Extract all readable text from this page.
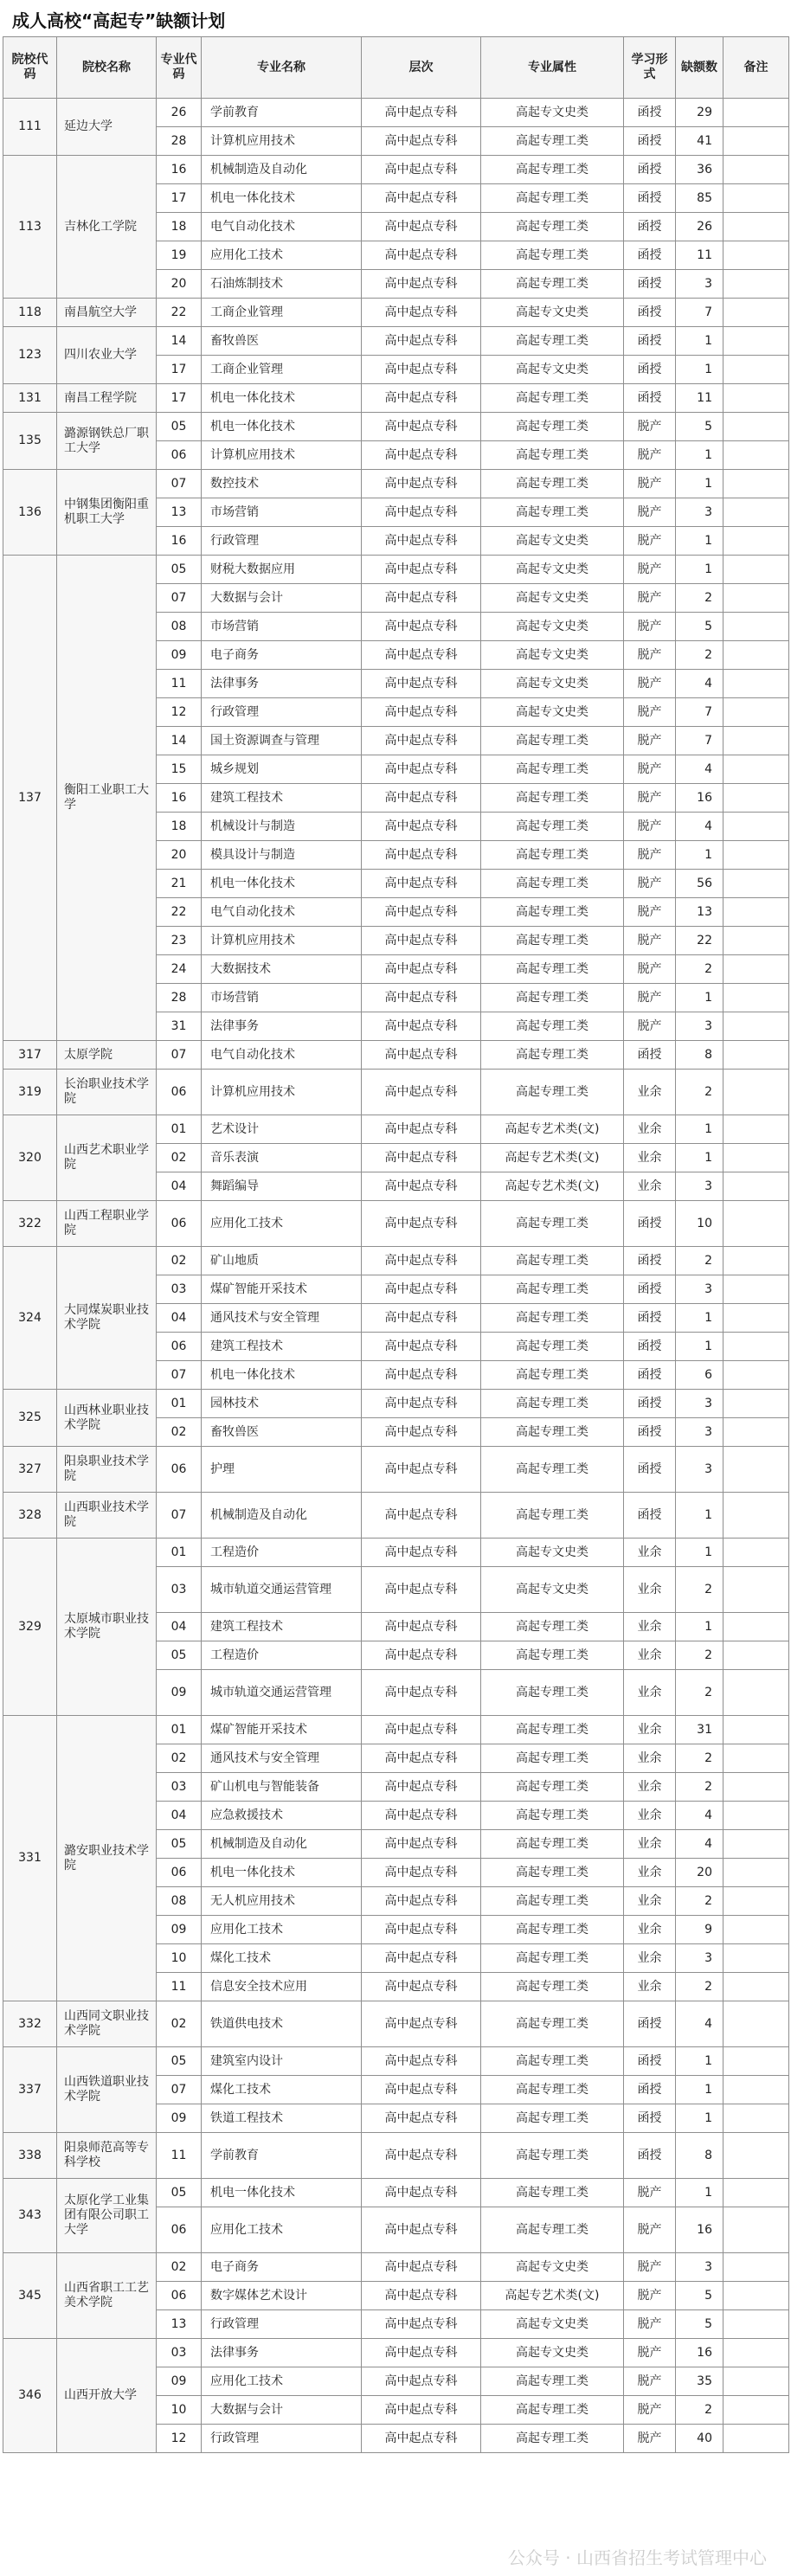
成人高校“高起专”缺额计划
院校代码	院校名称	专业代码	专业名称	层次	专业属性	学习形式	缺额数	备注
111	延边大学	26	学前教育	高中起点专科	高起专文史类	函授	29	
		28	计算机应用技术	高中起点专科	高起专理工类	函授	41	
113	吉林化工学院	16	机械制造及自动化	高中起点专科	高起专理工类	函授	36	
		17	机电一体化技术	高中起点专科	高起专理工类	函授	85	
		18	电气自动化技术	高中起点专科	高起专理工类	函授	26	
		19	应用化工技术	高中起点专科	高起专理工类	函授	11	
		20	石油炼制技术	高中起点专科	高起专理工类	函授	3	
118	南昌航空大学	22	工商企业管理	高中起点专科	高起专文史类	函授	7	
123	四川农业大学	14	畜牧兽医	高中起点专科	高起专理工类	函授	1	
		17	工商企业管理	高中起点专科	高起专文史类	函授	1	
131	南昌工程学院	17	机电一体化技术	高中起点专科	高起专理工类	函授	11	
135	潞源钢铁总厂职工大学	05	机电一体化技术	高中起点专科	高起专理工类	脱产	5	
		06	计算机应用技术	高中起点专科	高起专理工类	脱产	1	
136	中钢集团衡阳重机职工大学	07	数控技术	高中起点专科	高起专理工类	脱产	1	
		13	市场营销	高中起点专科	高起专理工类	脱产	3	
		16	行政管理	高中起点专科	高起专文史类	脱产	1	
137	衡阳工业职工大学	05	财税大数据应用	高中起点专科	高起专文史类	脱产	1	
		07	大数据与会计	高中起点专科	高起专文史类	脱产	2	
		08	市场营销	高中起点专科	高起专文史类	脱产	5	
		09	电子商务	高中起点专科	高起专文史类	脱产	2	
		11	法律事务	高中起点专科	高起专文史类	脱产	4	
		12	行政管理	高中起点专科	高起专文史类	脱产	7	
		14	国土资源调查与管理	高中起点专科	高起专理工类	脱产	7	
		15	城乡规划	高中起点专科	高起专理工类	脱产	4	
		16	建筑工程技术	高中起点专科	高起专理工类	脱产	16	
		18	机械设计与制造	高中起点专科	高起专理工类	脱产	4	
		20	模具设计与制造	高中起点专科	高起专理工类	脱产	1	
		21	机电一体化技术	高中起点专科	高起专理工类	脱产	56	
		22	电气自动化技术	高中起点专科	高起专理工类	脱产	13	
		23	计算机应用技术	高中起点专科	高起专理工类	脱产	22	
		24	大数据技术	高中起点专科	高起专理工类	脱产	2	
		28	市场营销	高中起点专科	高起专理工类	脱产	1	
		31	法律事务	高中起点专科	高起专理工类	脱产	3	
317	太原学院	07	电气自动化技术	高中起点专科	高起专理工类	函授	8	
319	长治职业技术学院	06	计算机应用技术	高中起点专科	高起专理工类	业余	2	
320	山西艺术职业学院	01	艺术设计	高中起点专科	高起专艺术类(文)	业余	1	
		02	音乐表演	高中起点专科	高起专艺术类(文)	业余	1	
		04	舞蹈编导	高中起点专科	高起专艺术类(文)	业余	3	
322	山西工程职业学院	06	应用化工技术	高中起点专科	高起专理工类	函授	10	
324	大同煤炭职业技术学院	02	矿山地质	高中起点专科	高起专理工类	函授	2	
		03	煤矿智能开采技术	高中起点专科	高起专理工类	函授	3	
		04	通风技术与安全管理	高中起点专科	高起专理工类	函授	1	
		06	建筑工程技术	高中起点专科	高起专理工类	函授	1	
		07	机电一体化技术	高中起点专科	高起专理工类	函授	6	
325	山西林业职业技术学院	01	园林技术	高中起点专科	高起专理工类	函授	3	
		02	畜牧兽医	高中起点专科	高起专理工类	函授	3	
327	阳泉职业技术学院	06	护理	高中起点专科	高起专理工类	函授	3	
328	山西职业技术学院	07	机械制造及自动化	高中起点专科	高起专理工类	函授	1	
329	太原城市职业技术学院	01	工程造价	高中起点专科	高起专文史类	业余	1	
		03	城市轨道交通运营管理	高中起点专科	高起专文史类	业余	2	
		04	建筑工程技术	高中起点专科	高起专理工类	业余	1	
		05	工程造价	高中起点专科	高起专理工类	业余	2	
		09	城市轨道交通运营管理	高中起点专科	高起专理工类	业余	2	
331	潞安职业技术学院	01	煤矿智能开采技术	高中起点专科	高起专理工类	业余	31	
		02	通风技术与安全管理	高中起点专科	高起专理工类	业余	2	
		03	矿山机电与智能装备	高中起点专科	高起专理工类	业余	2	
		04	应急救援技术	高中起点专科	高起专理工类	业余	4	
		05	机械制造及自动化	高中起点专科	高起专理工类	业余	4	
		06	机电一体化技术	高中起点专科	高起专理工类	业余	20	
		08	无人机应用技术	高中起点专科	高起专理工类	业余	2	
		09	应用化工技术	高中起点专科	高起专理工类	业余	9	
		10	煤化工技术	高中起点专科	高起专理工类	业余	3	
		11	信息安全技术应用	高中起点专科	高起专理工类	业余	2	
332	山西同文职业技术学院	02	铁道供电技术	高中起点专科	高起专理工类	函授	4	
337	山西铁道职业技术学院	05	建筑室内设计	高中起点专科	高起专理工类	函授	1	
		07	煤化工技术	高中起点专科	高起专理工类	函授	1	
		09	铁道工程技术	高中起点专科	高起专理工类	函授	1	
338	阳泉师范高等专科学校	11	学前教育	高中起点专科	高起专理工类	函授	8	
343	太原化学工业集团有限公司职工大学	05	机电一体化技术	高中起点专科	高起专理工类	脱产	1	
		06	应用化工技术	高中起点专科	高起专理工类	脱产	16	
345	山西省职工工艺美术学院	02	电子商务	高中起点专科	高起专文史类	脱产	3	
		06	数字媒体艺术设计	高中起点专科	高起专艺术类(文)	脱产	5	
		13	行政管理	高中起点专科	高起专文史类	脱产	5	
346	山西开放大学	03	法律事务	高中起点专科	高起专文史类	脱产	16	
		09	应用化工技术	高中起点专科	高起专理工类	脱产	35	
		10	大数据与会计	高中起点专科	高起专理工类	脱产	2	
		12	行政管理	高中起点专科	高起专理工类	脱产	40	
公众号 · 山西省招生考试管理中心
